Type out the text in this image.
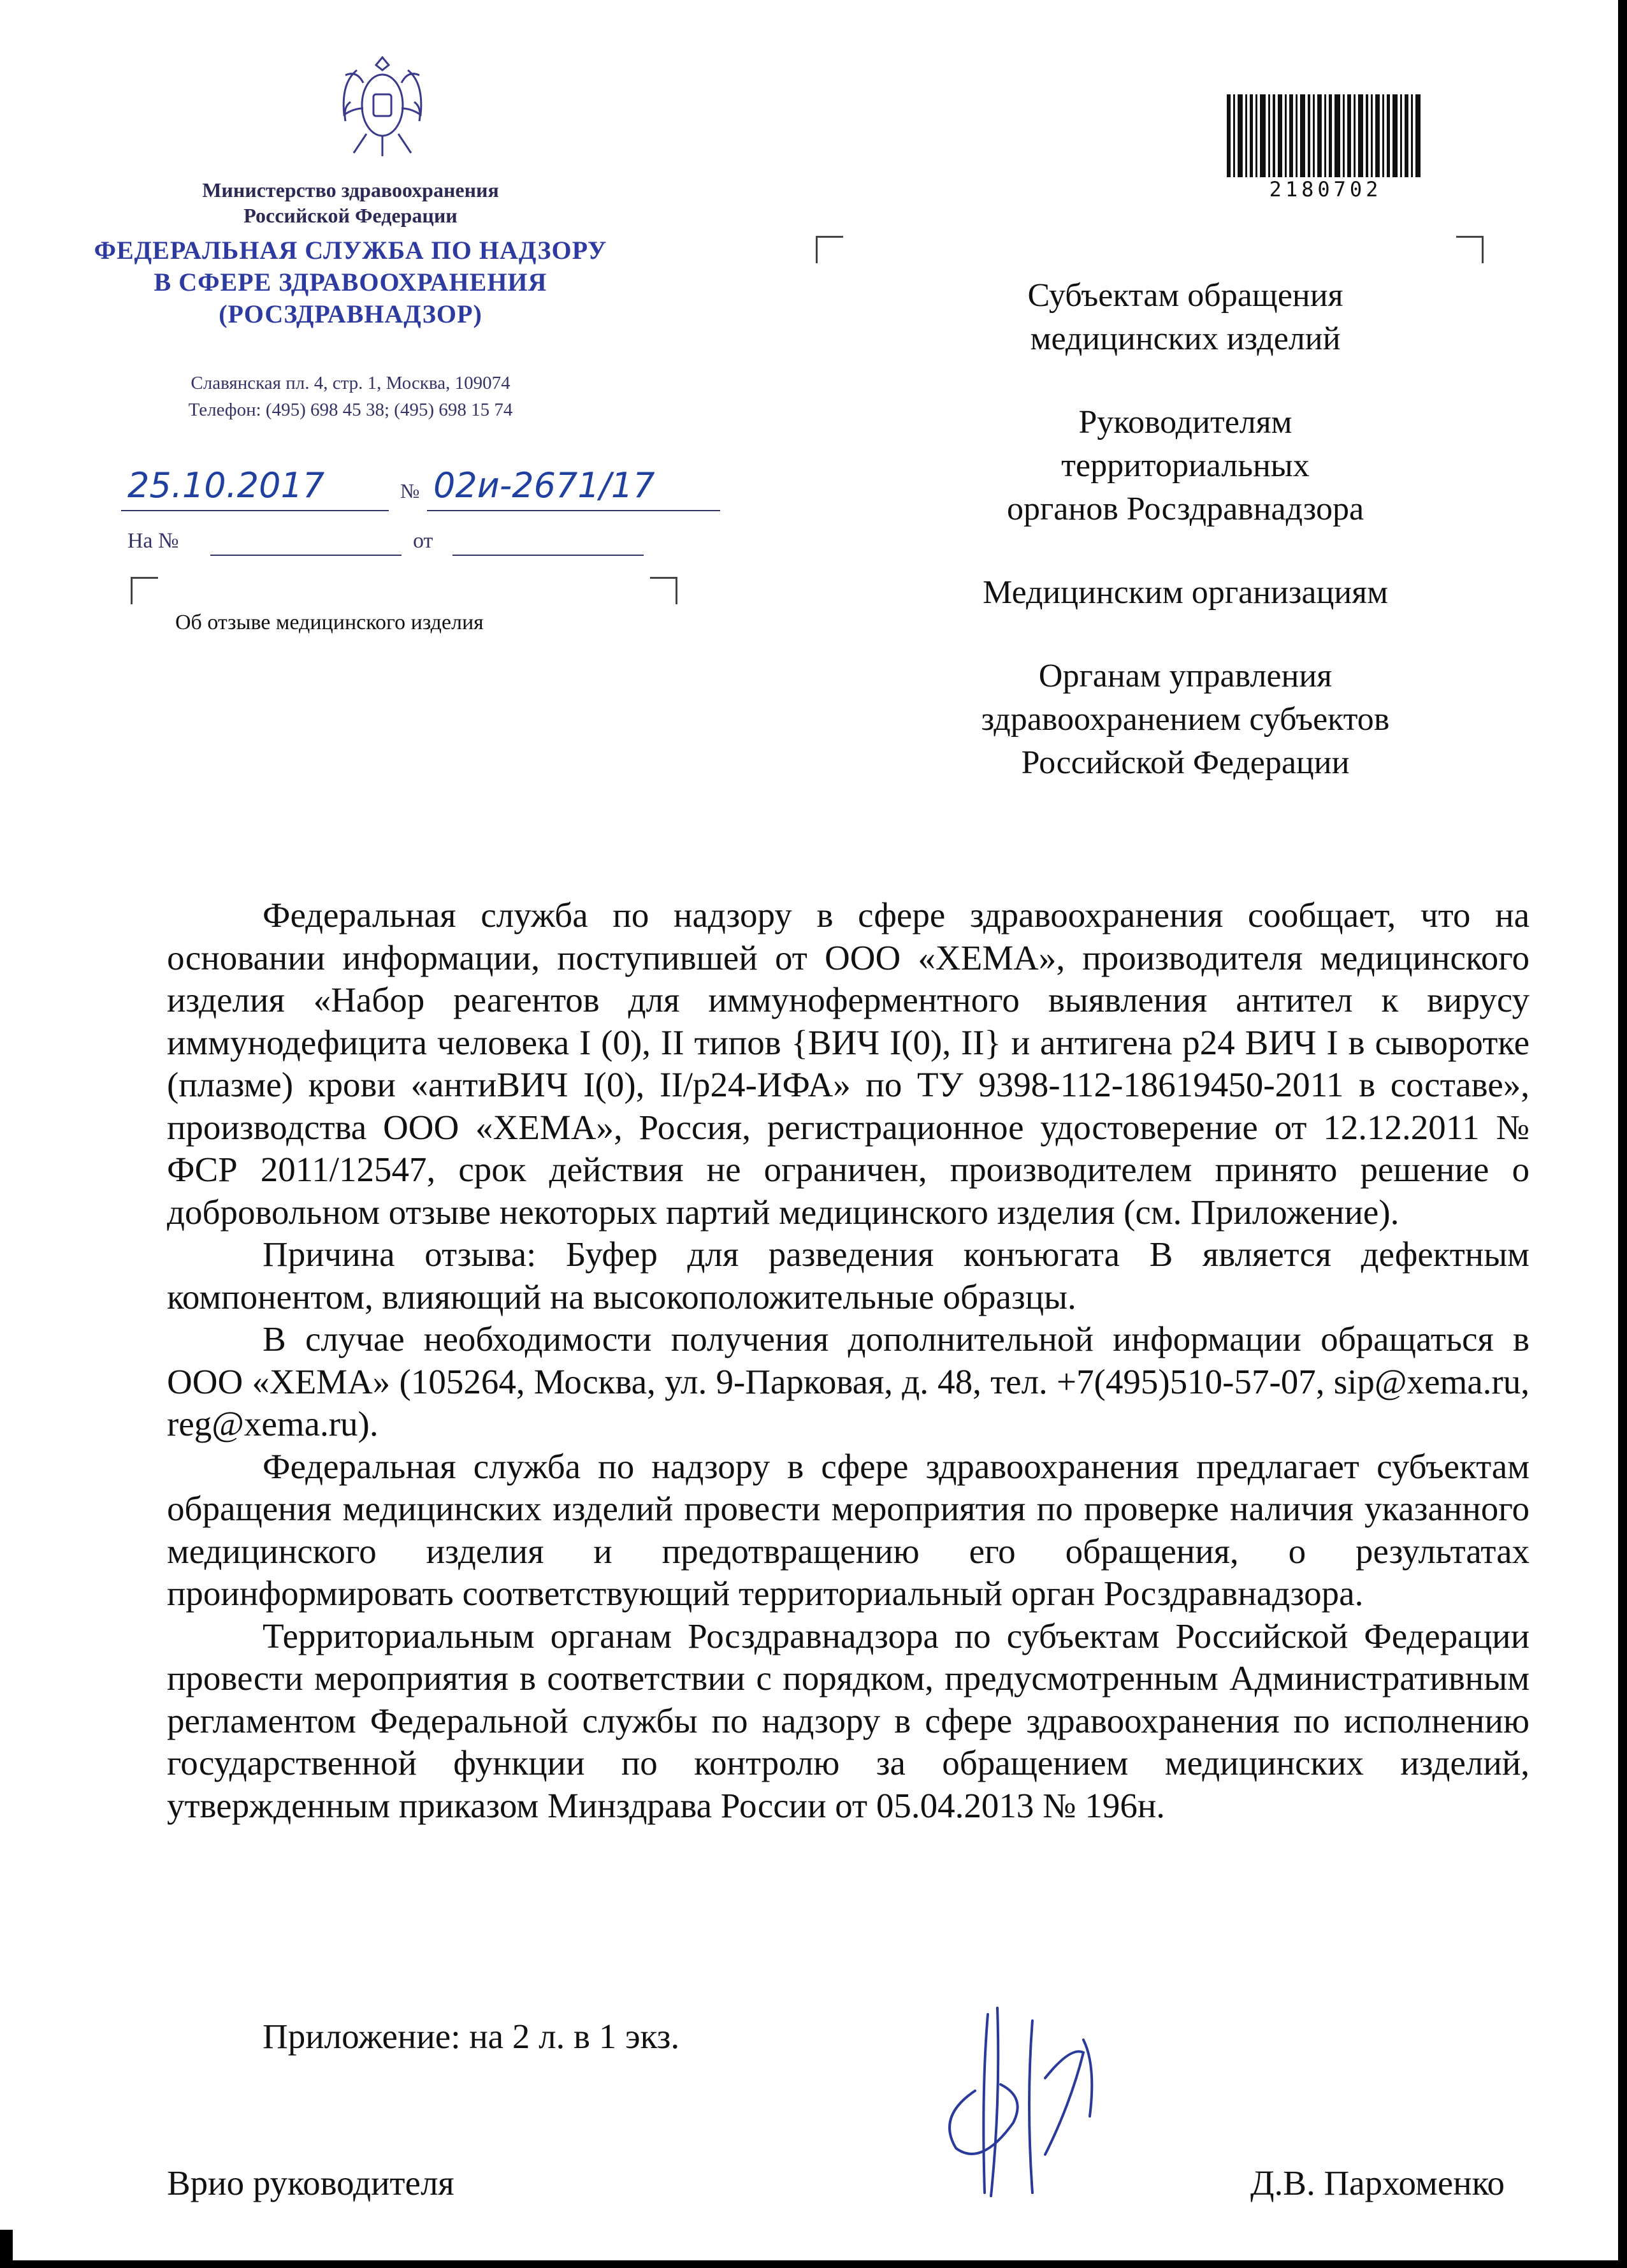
Министерство здравоохранения
Российской Федерации
ФЕДЕРАЛЬНАЯ СЛУЖБА ПО НАДЗОРУ
В СФЕРЕ ЗДРАВООХРАНЕНИЯ
(РОСЗДРАВНАДЗОР)
Славянская пл. 4, стр. 1, Москва, 109074
Телефон: (495) 698 45 38; (495) 698 15 74
25.10.2017	№ 02и-2671/17
На №	от
Об отзыве медицинского изделия
2180702
Субъектам обращения
медицинских изделий
Руководителям
территориальных
органов Росздравнадзора
Медицинским организациям
Органам управления
здравоохранением субъектов
Российской Федерации

Федеральная служба по надзору в сфере здравоохранения сообщает, что на основании информации, поступившей от ООО «ХЕМА», производителя медицинского изделия «Набор реагентов для иммуноферментного выявления антител к вирусу иммунодефицита человека I (0), II типов {ВИЧ I(0), II} и антигена p24 ВИЧ I в сыворотке (плазме) крови «антиВИЧ I(0), II/p24-ИФА» по ТУ 9398-112-18619450-2011 в составе», производства ООО «ХЕМА», Россия, регистрационное удостоверение от 12.12.2011 № ФСР 2011/12547, срок действия не ограничен, производителем принято решение о добровольном отзыве некоторых партий медицинского изделия (см. Приложение).

Причина отзыва: Буфер для разведения конъюгата В является дефектным компонентом, влияющий на высокоположительные образцы.

В случае необходимости получения дополнительной информации обращаться в ООО «ХЕМА» (105264, Москва, ул. 9-Парковая, д. 48, тел. +7(495)510-57-07, sip@xema.ru, reg@xema.ru).

Федеральная служба по надзору в сфере здравоохранения предлагает субъектам обращения медицинских изделий провести мероприятия по проверке наличия указанного медицинского изделия и предотвращению его обращения, о результатах проинформировать соответствующий территориальный орган Росздравнадзора.

Территориальным органам Росздравнадзора по субъектам Российской Федерации провести мероприятия в соответствии с порядком, предусмотренным Административным регламентом Федеральной службы по надзору в сфере здравоохранения по исполнению государственной функции по контролю за обращением медицинских изделий, утвержденным приказом Минздрава России от 05.04.2013 № 196н.

Приложение: на 2 л. в 1 экз.
Врио руководителя	Д.В. Пархоменко
